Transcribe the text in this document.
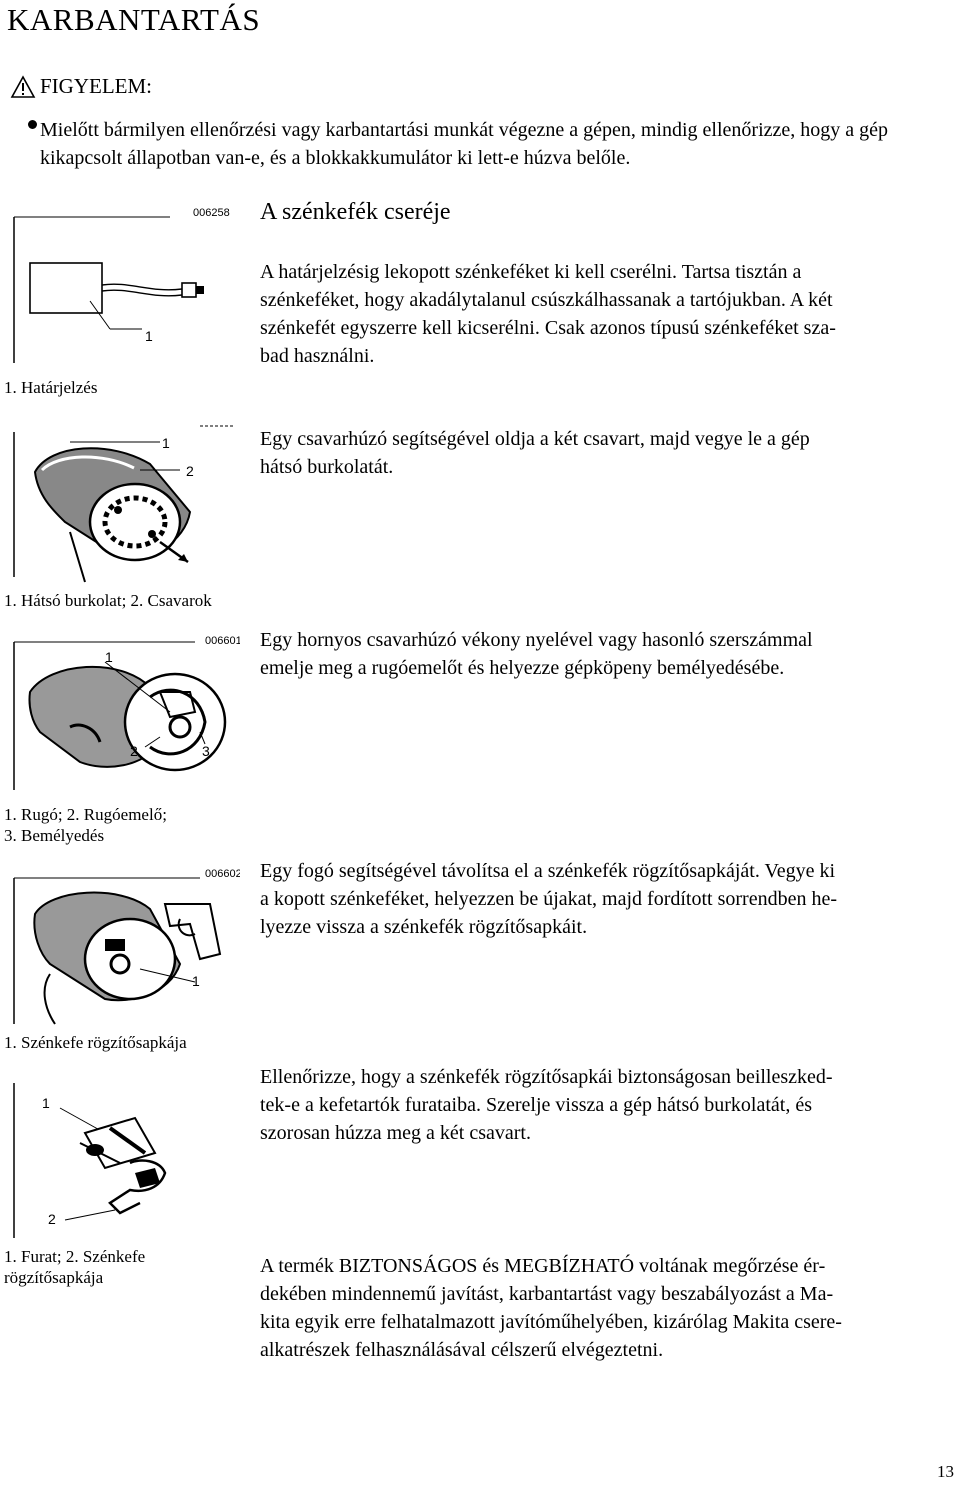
KARBANTARTÁS
FIGYELEM:
Mielőtt bármilyen ellenőrzési vagy karbantartási munkát végezne a gépen, mindig ellenőrizze, hogy a gép kikapcsolt állapotban van-e, és a blokkakkumulátor ki lett-e húzva belőle.
006258
1
1. Határjelzés
A szénkefék cseréje
A határjelzésig lekopott szénkeféket ki kell cserélni. Tartsa tisztán a
szénkeféket, hogy akadálytalanul csúszkálhassanak a tartójukban. A két
szénkefét egyszerre kell kicserélni. Csak azonos típusú szénkeféket sza-
bad használni.
1
2
1. Hátsó burkolat; 2. Csavarok
Egy csavarhúzó segítségével oldja a két csavart, majd vegye le a gép
hátsó burkolatát.
006601
1
2	3
1. Rugó; 2. Rugóemelő;
3. Bemélyedés
Egy hornyos csavarhúzó vékony nyelével vagy hasonló szerszámmal
emelje meg a rugóemelőt és helyezze gépköpeny bemélyedésébe.
006602
1
1. Szénkefe rögzítősapkája
Egy fogó segítségével távolítsa el a szénkefék rögzítősapkáját. Vegye ki
a kopott szénkeféket, helyezzen be újakat, majd fordított sorrendben he-
lyezze vissza a szénkefék rögzítősapkáit.
1
2
1. Furat; 2. Szénkefe
rögzítősapkája
Ellenőrizze, hogy a szénkefék rögzítősapkái biztonságosan beilleszked-
tek-e a kefetartók furataiba. Szerelje vissza a gép hátsó burkolatát, és
szorosan húzza meg a két csavart.
A termék BIZTONSÁGOS és MEGBÍZHATÓ voltának megőrzése ér-
dekében mindennemű javítást, karbantartást vagy beszabályozást a Ma-
kita egyik erre felhatalmazott javítóműhelyében, kizárólag Makita csere-
alkatrészek felhasználásával célszerű elvégeztetni.
13
